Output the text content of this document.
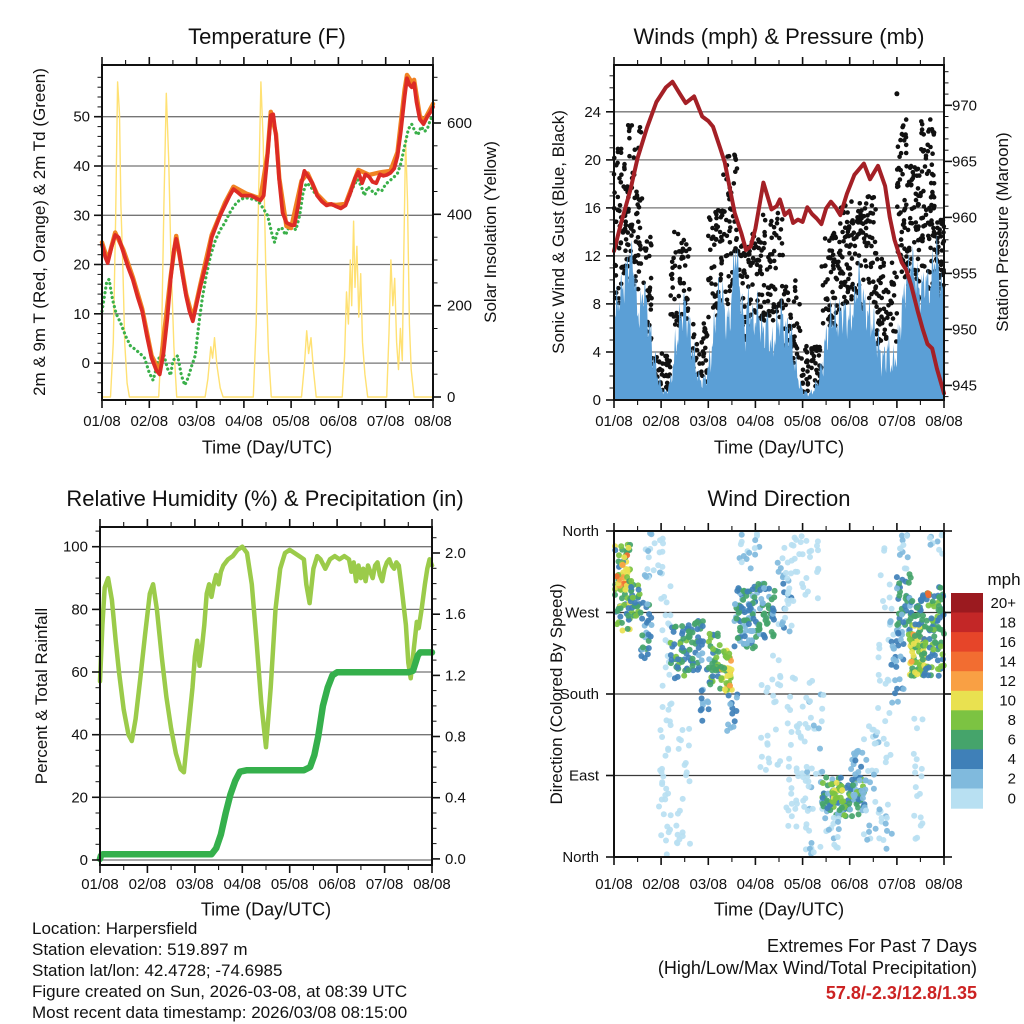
01/08 02/08 03/08 04/08 05/08 06/08 07/08 08/08
0
10
20
30
40
50
0
200
400
600
01/08 02/08 03/08 04/08 05/08 06/08 07/08 08/08
0
4
8
12
16
20
24
945
950
955
960
965
970
01/08 02/08 03/08 04/08 05/08 06/08 07/08 08/08
0
20
40
60
80
100
0.0
0.4
0.8
1.2
1.6
2.0
01/08 02/08 03/08 04/08 05/08 06/08 07/08 08/08
North
West
South
East
North
20+
18
16
14
12
10
8
6
4
2
0
Temperature (F)	Winds (mph) & Pressure (mb)
Relative Humidity (%) & Precipitation (in)	Wind Direction
Time (Day/UTC)	Time (Day/UTC)
Time (Day/UTC)	Time (Day/UTC)
2m & 9m T (Red, Orange) & 2m Td (Green)	Solar Insolation (Yellow)	Sonic Wind & Gust (Blue, Black)	Station Pressure (Maroon)
Percent & Total Rainfall	Direction (Colored By Speed)
mph
Location: Harpersfield
Station elevation: 519.897 m
Station lat/lon: 42.4728; -74.6985
Figure created on Sun, 2026-03-08, at 08:39 UTC
Most recent data timestamp: 2026/03/08 08:15:00
Extremes For Past 7 Days
(High/Low/Max Wind/Total Precipitation)
57.8/-2.3/12.8/1.35
